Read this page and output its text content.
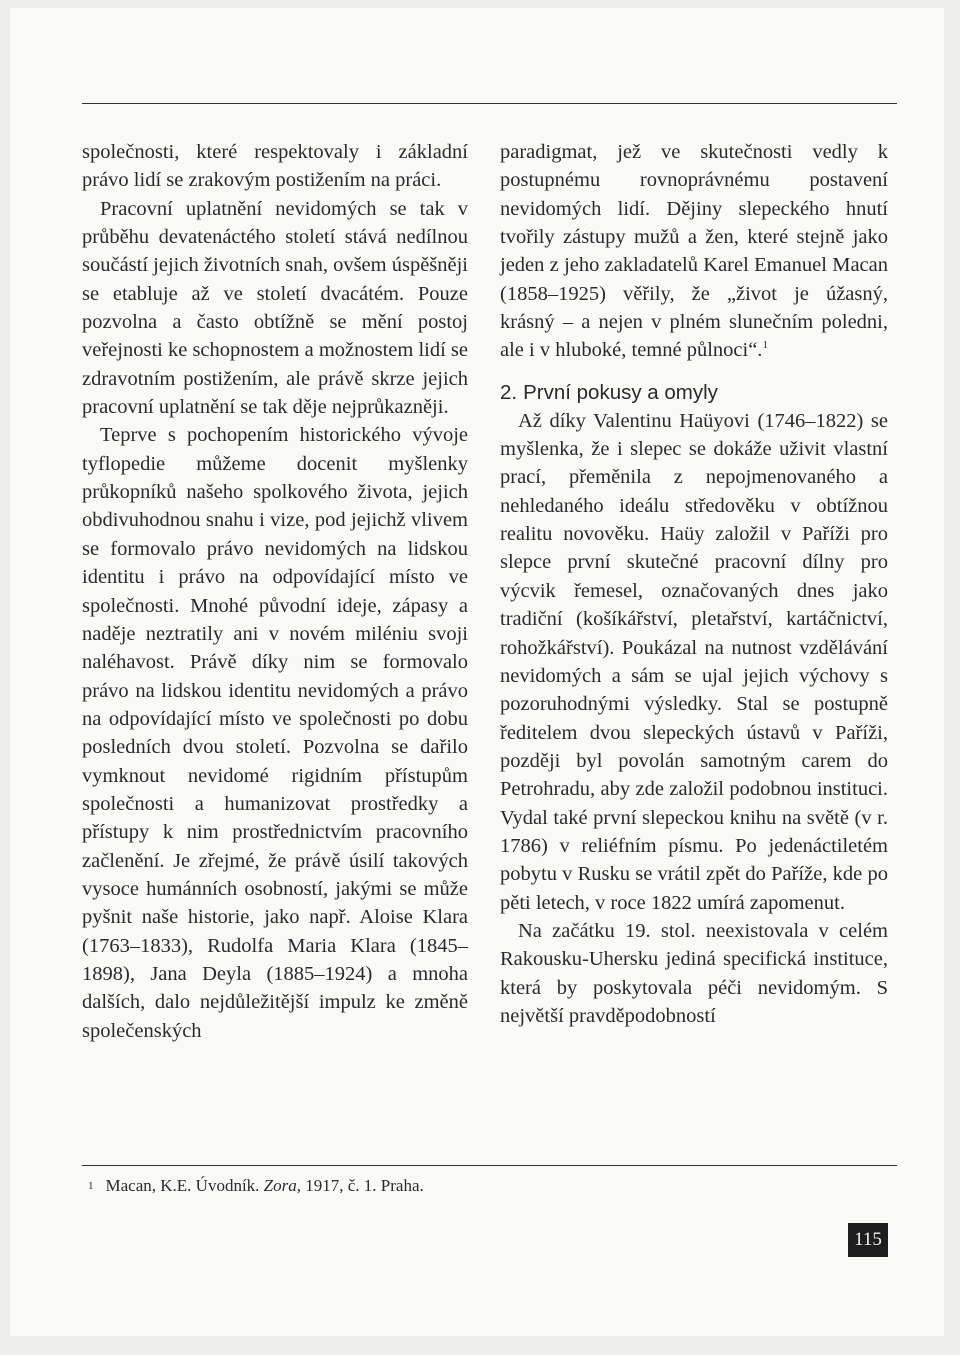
společnosti, které respektovaly i základní právo lidí se zrakovým postižením na práci.

Pracovní uplatnění nevidomých se tak v průběhu devatenáctého století stává nedílnou součástí jejich životních snah, ovšem úspěšněji se etabluje až ve století dvacátém. Pouze pozvolna a často obtížně se mění postoj veřejnosti ke schopnostem a možnostem lidí se zdravotním postižením, ale právě skrze jejich pracovní uplatnění se tak děje nejprůkazněji.

Teprve s pochopením historického vývoje tyflopedie můžeme docenit myšlenky průkopníků našeho spolkového života, jejich obdivuhodnou snahu i vize, pod jejichž vlivem se formovalo právo nevidomých na lidskou identitu i právo na odpovídající místo ve společnosti. Mnohé původní ideje, zápasy a naděje neztratily ani v novém miléniu svoji naléhavost. Právě díky nim se formovalo právo na lidskou identitu nevidomých a právo na odpovídající místo ve společnosti po dobu posledních dvou století. Pozvolna se dařilo vymknout nevidomé rigidním přístupům společnosti a humanizovat prostředky a přístupy k nim prostřednictvím pracovního začlenění. Je zřejmé, že právě úsilí takových vysoce humánních osobností, jakými se může pyšnit naše historie, jako např. Aloise Klara (1763–1833), Rudolfa Maria Klara (1845–1898), Jana Deyla (1885–1924) a mnoha dalších, dalo nejdůležitější impulz ke změně společenských

paradigmat, jež ve skutečnosti vedly k postupnému rovnoprávnému postavení nevidomých lidí. Dějiny slepeckého hnutí tvořily zástupy mužů a žen, které stejně jako jeden z jeho zakladatelů Karel Emanuel Macan (1858–1925) věřily, že „život je úžasný, krásný – a nejen v plném slunečním poledni, ale i v hluboké, temné půlnoci“.$^1$

2. První pokusy a omyly

Až díky Valentinu Haüyovi (1746–1822) se myšlenka, že i slepec se dokáže uživit vlastní prací, přeměnila z nepojmenovaného a nehledaného ideálu středověku v obtížnou realitu novověku. Haüy založil v Paříži pro slepce první skutečné pracovní dílny pro výcvik řemesel, označovaných dnes jako tradiční (košíkářství, pletařství, kartáčnictví, rohožkářství). Poukázal na nutnost vzdělávání nevidomých a sám se ujal jejich výchovy s pozoruhodnými výsledky. Stal se postupně ředitelem dvou slepeckých ústavů v Paříži, později byl povolán samotným carem do Petrohradu, aby zde založil podobnou instituci. Vydal také první slepeckou knihu na světě (v r. 1786) v reliéfním písmu. Po jedenáctiletém pobytu v Rusku se vrátil zpět do Paříže, kde po pěti letech, v roce 1822 umírá zapomenut.

Na začátku 19. stol. neexistovala v celém Rakousku-Uhersku jediná specifická instituce, která by poskytovala péči nevidomým. S největší pravděpodobností

$^1$ Macan, K.E. Úvodník. Zora, 1917, č. 1. Praha.
115
